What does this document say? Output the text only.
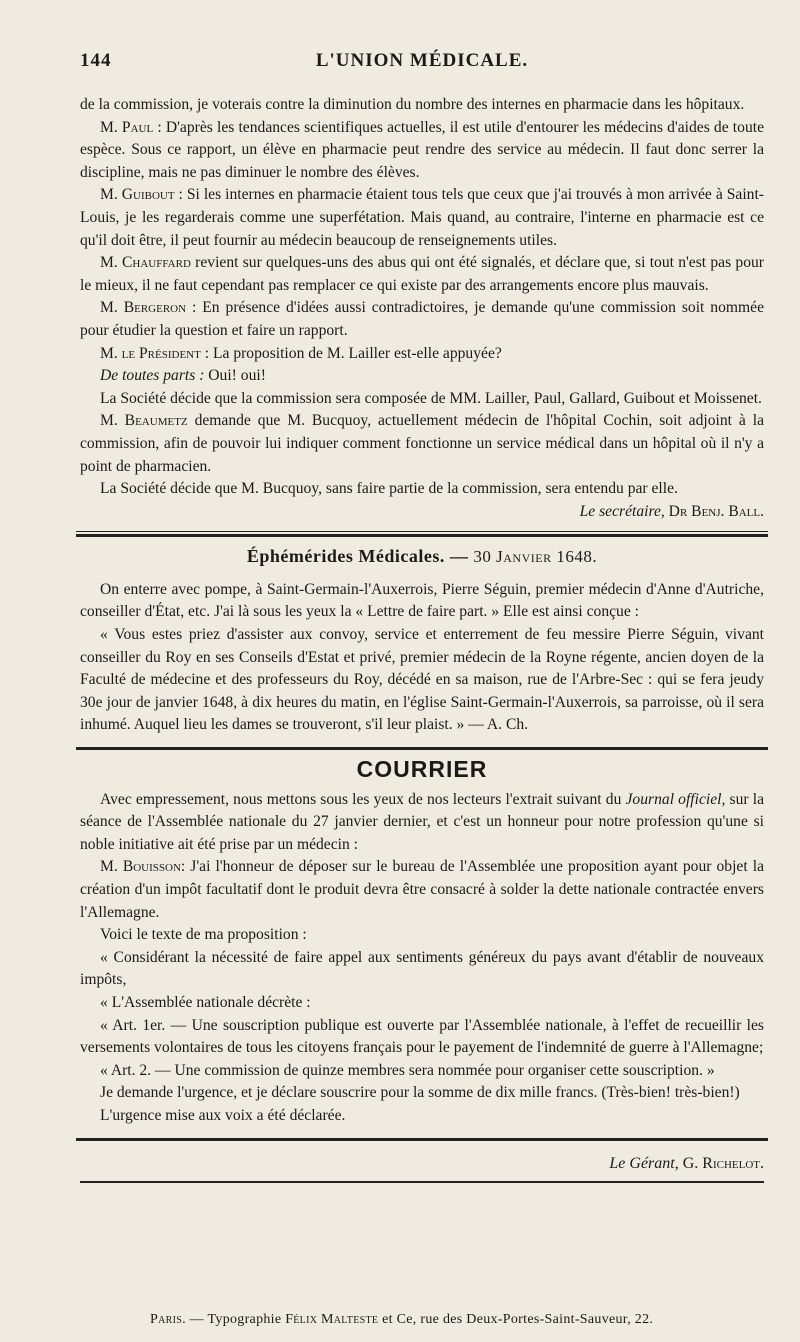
144	L'UNION MÉDICALE.

de la commission, je voterais contre la diminution du nombre des internes en pharmacie dans les hôpitaux.

M. Paul : D'après les tendances scientifiques actuelles, il est utile d'entourer les médecins d'aides de toute espèce. Sous ce rapport, un élève en pharmacie peut rendre des service au médecin. Il faut donc serrer la discipline, mais ne pas diminuer le nombre des élèves.

M. Guibout : Si les internes en pharmacie étaient tous tels que ceux que j'ai trouvés à mon arrivée à Saint-Louis, je les regarderais comme une superfétation. Mais quand, au contraire, l'interne en pharmacie est ce qu'il doit être, il peut fournir au médecin beaucoup de renseignements utiles.

M. Chauffard revient sur quelques-uns des abus qui ont été signalés, et déclare que, si tout n'est pas pour le mieux, il ne faut cependant pas remplacer ce qui existe par des arrangements encore plus mauvais.

M. Bergeron : En présence d'idées aussi contradictoires, je demande qu'une commission soit nommée pour étudier la question et faire un rapport.

M. le Président : La proposition de M. Lailler est-elle appuyée?

De toutes parts : Oui! oui!

La Société décide que la commission sera composée de MM. Lailler, Paul, Gallard, Guibout et Moissenet.

M. Beaumetz demande que M. Bucquoy, actuellement médecin de l'hôpital Cochin, soit adjoint à la commission, afin de pouvoir lui indiquer comment fonctionne un service médical dans un hôpital où il n'y a point de pharmacien.

La Société décide que M. Bucquoy, sans faire partie de la commission, sera entendu par elle.

Le secrétaire, Dr Benj. Ball.

Éphémérides Médicales. — 30 Janvier 1648.

On enterre avec pompe, à Saint-Germain-l'Auxerrois, Pierre Séguin, premier médecin d'Anne d'Autriche, conseiller d'État, etc. J'ai là sous les yeux la « Lettre de faire part. » Elle est ainsi conçue :

« Vous estes priez d'assister aux convoy, service et enterrement de feu messire Pierre Séguin, vivant conseiller du Roy en ses Conseils d'Estat et privé, premier médecin de la Royne régente, ancien doyen de la Faculté de médecine et des professeurs du Roy, décédé en sa maison, rue de l'Arbre-Sec : qui se fera jeudy 30e jour de janvier 1648, à dix heures du matin, en l'église Saint-Germain-l'Auxerrois, sa parroisse, où il sera inhumé. Auquel lieu les dames se trouveront, s'il leur plaist. » — A. Ch.

COURRIER

Avec empressement, nous mettons sous les yeux de nos lecteurs l'extrait suivant du Journal officiel, sur la séance de l'Assemblée nationale du 27 janvier dernier, et c'est un honneur pour notre profession qu'une si noble initiative ait été prise par un médecin :

M. Bouisson: J'ai l'honneur de déposer sur le bureau de l'Assemblée une proposition ayant pour objet la création d'un impôt facultatif dont le produit devra être consacré à solder la dette nationale contractée envers l'Allemagne.

Voici le texte de ma proposition :

« Considérant la nécessité de faire appel aux sentiments généreux du pays avant d'établir de nouveaux impôts,

« L'Assemblée nationale décrète :

« Art. 1er. — Une souscription publique est ouverte par l'Assemblée nationale, à l'effet de recueillir les versements volontaires de tous les citoyens français pour le payement de l'indemnité de guerre à l'Allemagne;

« Art. 2. — Une commission de quinze membres sera nommée pour organiser cette souscription. »

Je demande l'urgence, et je déclare souscrire pour la somme de dix mille francs. (Très-bien! très-bien!)

L'urgence mise aux voix a été déclarée.

Le Gérant, G. Richelot.
Paris. — Typographie Félix Malteste et Ce, rue des Deux-Portes-Saint-Sauveur, 22.
